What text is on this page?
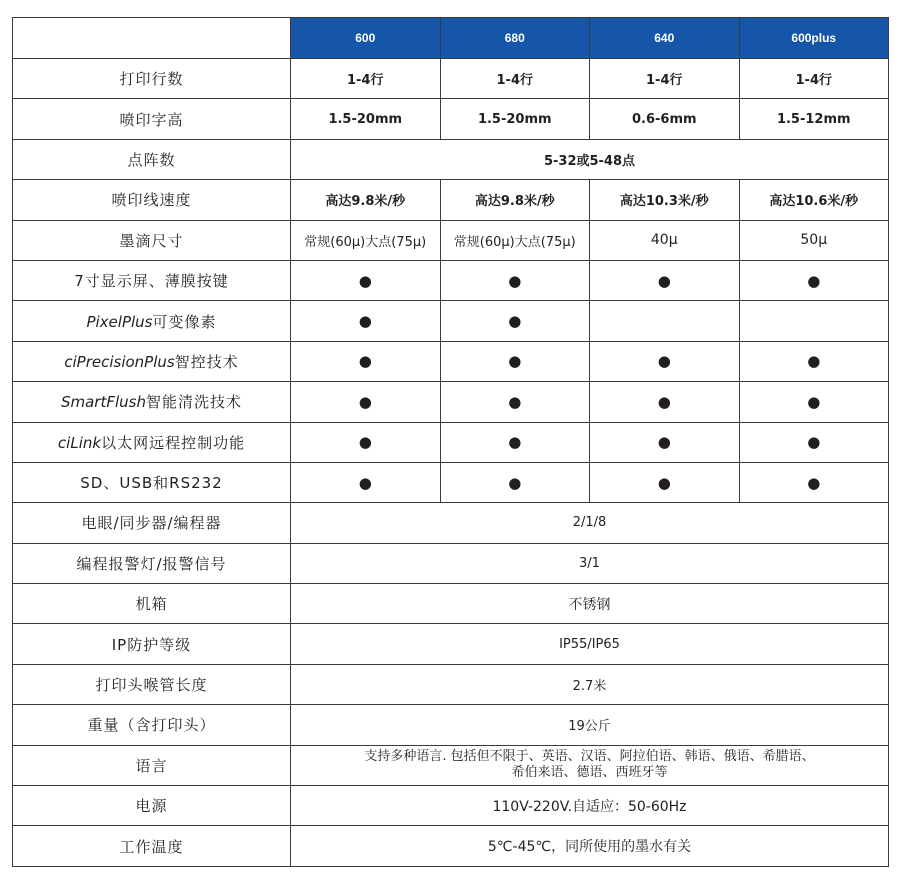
	600	680	640	600plus
打印行数	1-4行	1-4行	1-4行	1-4行
喷印字高	1.5-20mm	1.5-20mm	0.6-6mm	1.5-12mm
点阵数	5-32或5-48点			
喷印线速度	高达9.8米/秒	高达9.8米/秒	高达10.3米/秒	高达10.6米/秒
墨滴尺寸	常规(60μ)大点(75μ)	常规(60μ)大点(75μ)	40μ	50μ
7寸显示屏、薄膜按键	●	●	●	●
PixelPlus可变像素	●	●		
ciPrecisionPlus智控技术	●	●	●	●
SmartFlush智能清洗技术	●	●	●	●
ciLink以太网远程控制功能	●	●	●	●
SD、USB和RS232	●	●	●	●
电眼/同步器/编程器	2/1/8			
编程报警灯/报警信号	3/1			
机箱	不锈钢			
IP防护等级	IP55/IP65			
打印头喉管长度	2.7米			
重量（含打印头）	19公斤			
语言	支持多种语言. 包括但不限于、英语、汉语、阿拉伯语、韩语、俄语、希腊语、
希伯来语、德语、西班牙等			

电源	110V-220V.自适应：50-60Hz			
工作温度	5℃-45℃，同所使用的墨水有关			
